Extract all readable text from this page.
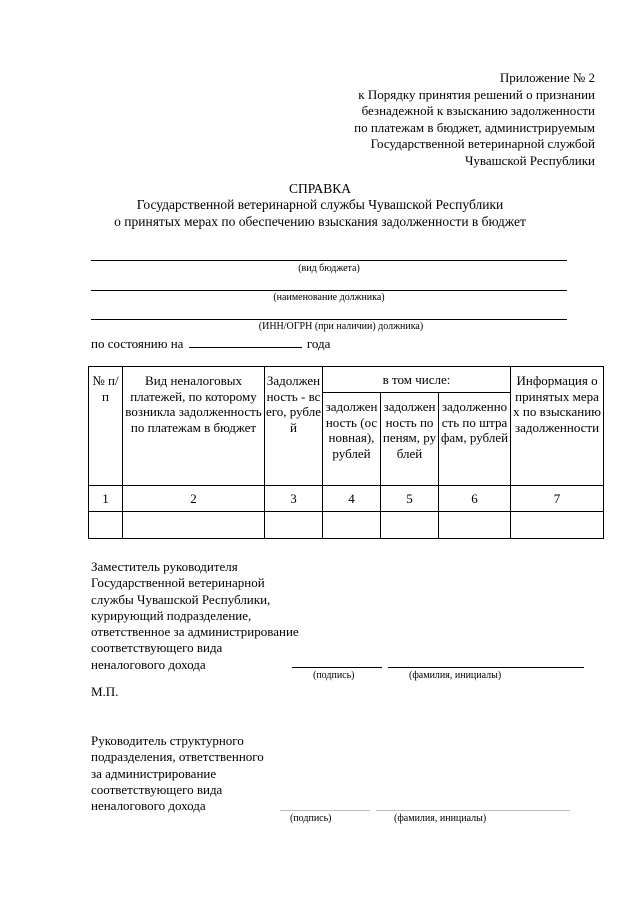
Приложение № 2
к Порядку принятия решений о признании
безнадежной к взысканию задолженности
по платежам в бюджет, администрируемым
Государственной ветеринарной службой
Чувашской Республики
СПРАВКА
Государственной ветеринарной службы Чувашской Республики
о принятых мерах по обеспечению взыскания задолженности в бюджет
(вид бюджета)
(наименование должника)
(ИНН/ОГРН (при наличии) должника)
по состоянию на	года
№ п/п	Вид неналоговых платежей, по которому возникла задолженность по платежам в бюджет	Задолженность - всего, рублей	в том числе:			Информация о принятых мерах по взысканию задолженности
			задолженность (основная), рублей	задолженность по пеням, рублей	задолженность по штрафам, рублей	
1	2	3	4	5	6	7

Заместитель руководителя
Государственной ветеринарной
службы Чувашской Республики,
курирующий подразделение,
ответственное за администрирование
соответствующего вида
неналогового дохода
(подпись)	(фамилия, инициалы)
М.П.
Руководитель структурного
подразделения, ответственного
за администрирование
соответствующего вида
неналогового дохода
(подпись)	(фамилия, инициалы)
